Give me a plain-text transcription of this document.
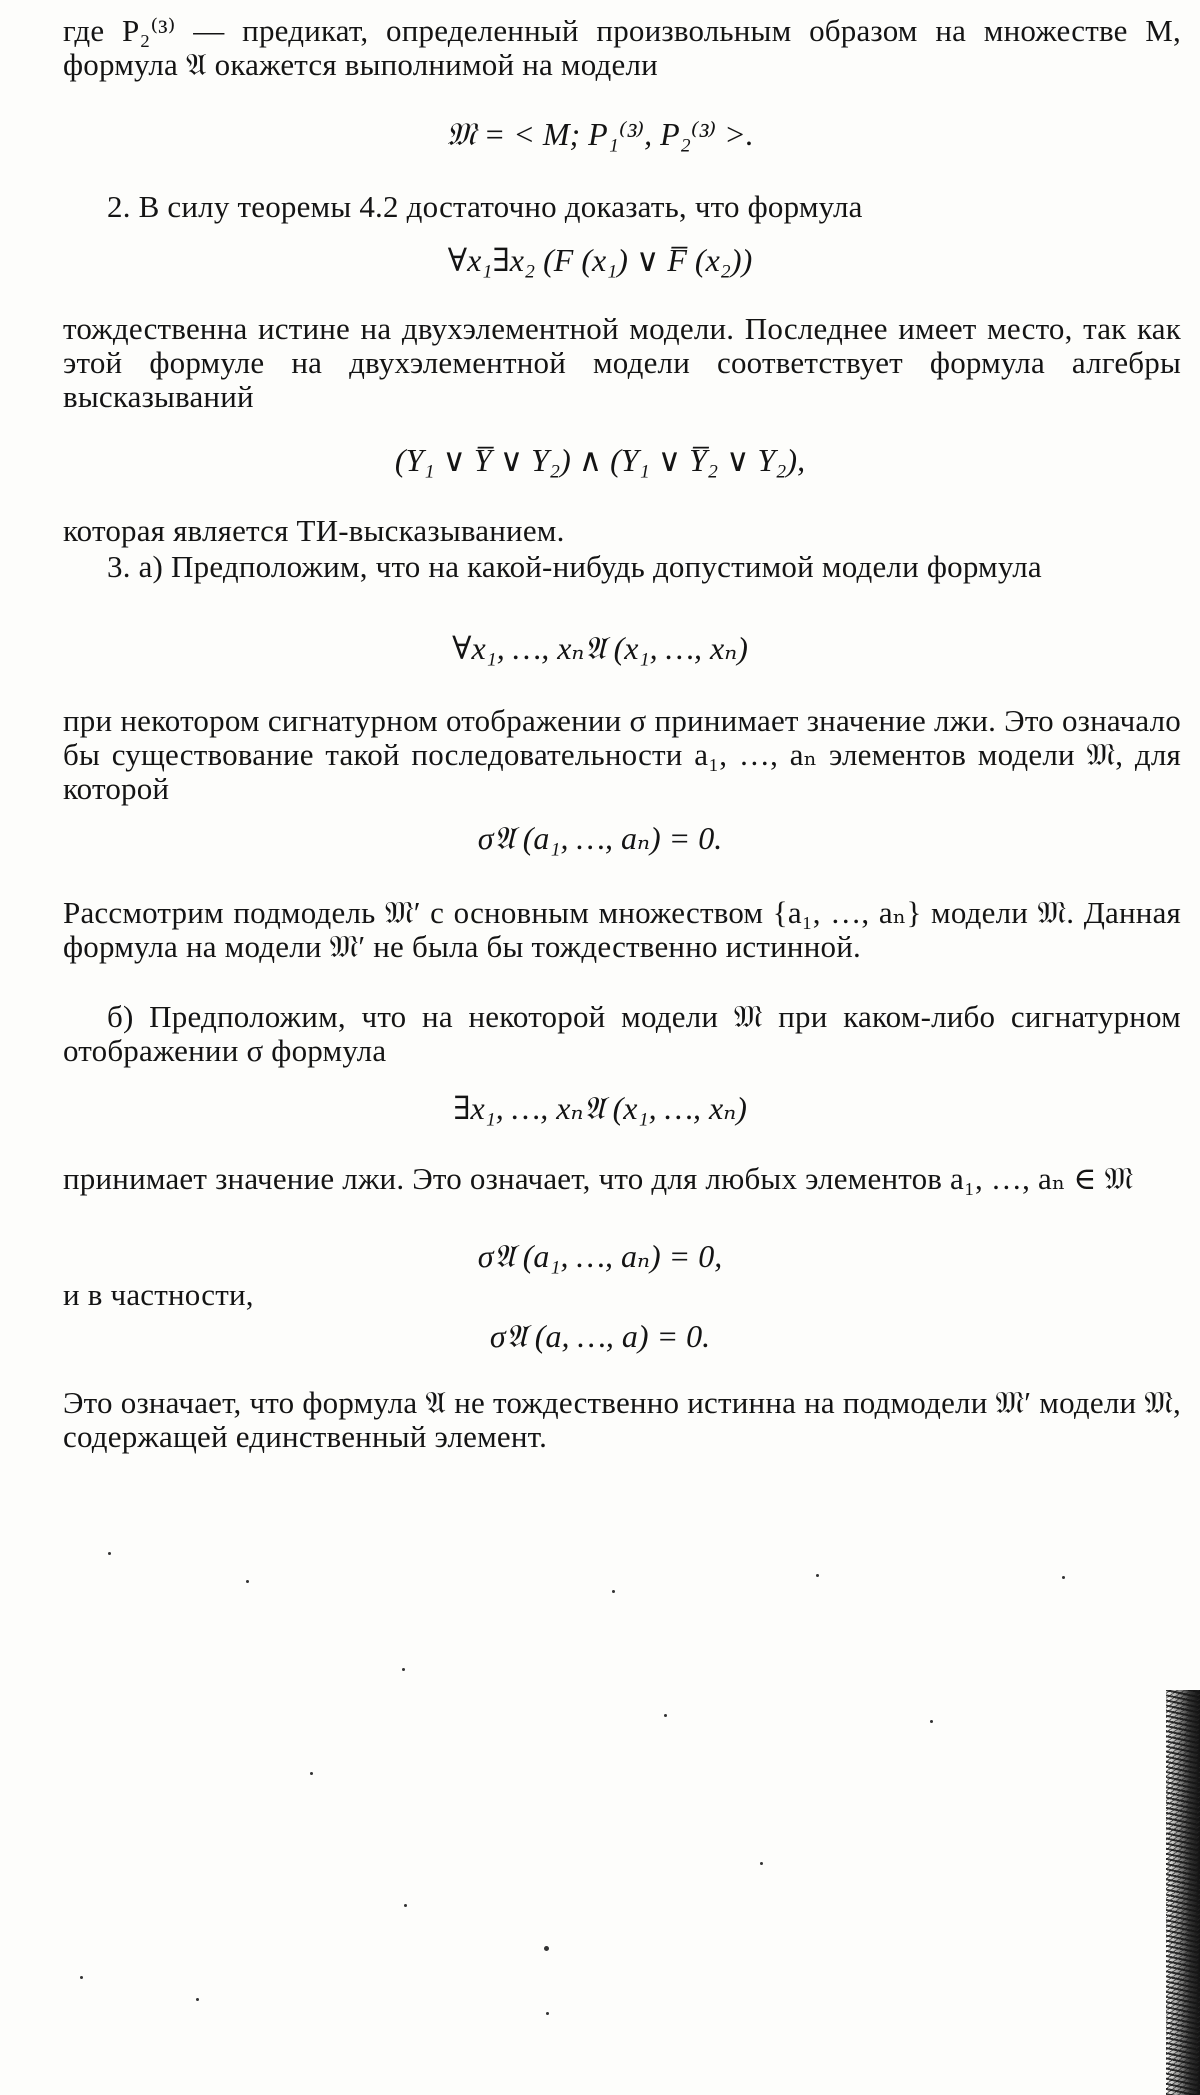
где P₂⁽³⁾ — предикат, определенный произвольным образом на множестве M, формула 𝔄 окажется выполнимой на модели

𝔐 = < M; P₁⁽³⁾, P₂⁽³⁾ >.

2. В силу теоремы 4.2 достаточно доказать, что формула

∀x₁∃x₂ (F (x₁) ∨ F̅ (x₂))

тождественна истине на двухэлементной модели. Последнее имеет место, так как этой формуле на двухэлементной модели соответствует формула алгебры высказываний

(Y₁ ∨ Y̅ ∨ Y₂) ∧ (Y₁ ∨ Y̅₂ ∨ Y₂),

которая является ТИ-высказыванием.

3. а) Предположим, что на какой-нибудь допустимой модели формула

∀x₁, …, xₙ𝔄 (x₁, …, xₙ)

при некотором сигнатурном отображении σ принимает значение лжи. Это означало бы существование такой последовательности a₁, …, aₙ элементов модели 𝔐, для которой

σ𝔄 (a₁, …, aₙ) = 0.

Рассмотрим подмодель 𝔐′ с основным множеством {a₁, …, aₙ} модели 𝔐. Данная формула на модели 𝔐′ не была бы тождественно истинной.

б) Предположим, что на некоторой модели 𝔐 при каком-либо сигнатурном отображении σ формула

∃x₁, …, xₙ𝔄 (x₁, …, xₙ)

принимает значение лжи. Это означает, что для любых элементов a₁, …, aₙ ∈ 𝔐

σ𝔄 (a₁, …, aₙ) = 0,

и в частности,

σ𝔄 (a, …, a) = 0.

Это означает, что формула 𝔄 не тождественно истинна на подмодели 𝔐′ модели 𝔐, содержащей единственный элемент.
